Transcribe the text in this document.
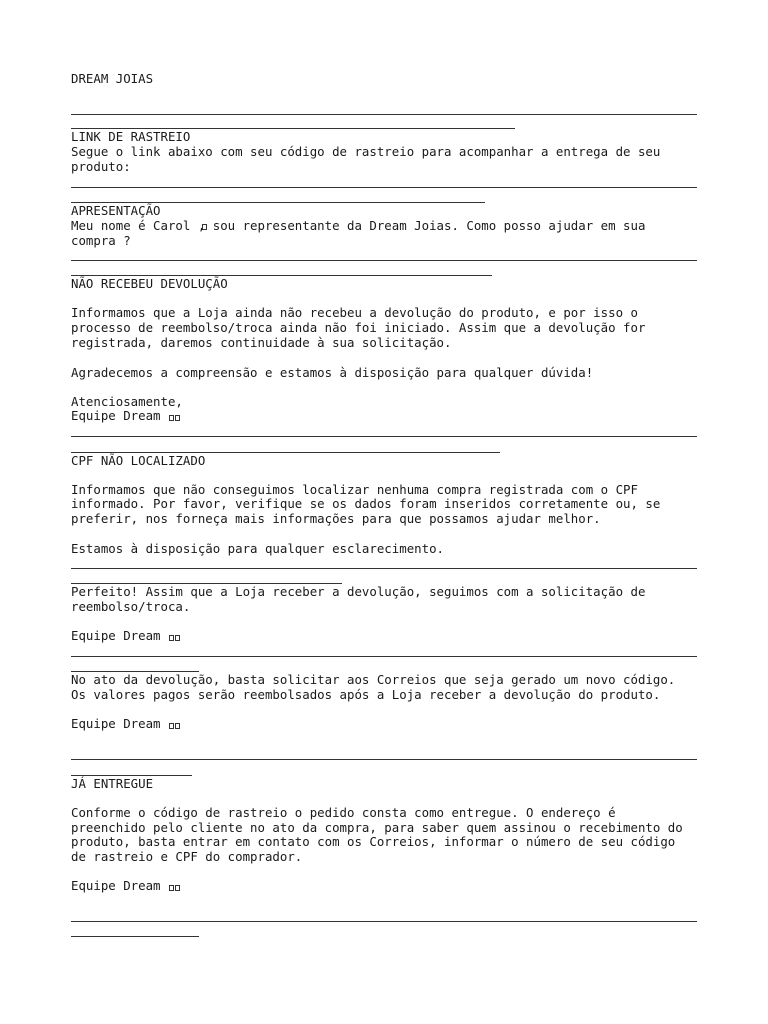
DREAM JOIAS
LINK DE RASTREIO
Segue o link abaixo com seu código de rastreio para acompanhar a entrega de seu
produto:
APRESENTAÇÃO
Meu nome é Carol , sou representante da Dream Joias. Como posso ajudar em sua
compra ?
NÃO RECEBEU DEVOLUÇÃO
Informamos que a Loja ainda não recebeu a devolução do produto, e por isso o
processo de reembolso/troca ainda não foi iniciado. Assim que a devolução for
registrada, daremos continuidade à sua solicitação.
Agradecemos a compreensão e estamos à disposição para qualquer dúvida!
Atenciosamente,
Equipe Dream
CPF NÃO LOCALIZADO
Informamos que não conseguimos localizar nenhuma compra registrada com o CPF
informado. Por favor, verifique se os dados foram inseridos corretamente ou, se
preferir, nos forneça mais informações para que possamos ajudar melhor.
Estamos à disposição para qualquer esclarecimento.
Perfeito! Assim que a Loja receber a devolução, seguimos com a solicitação de
reembolso/troca.
Equipe Dream
No ato da devolução, basta solicitar aos Correios que seja gerado um novo código.
Os valores pagos serão reembolsados após a Loja receber a devolução do produto.
Equipe Dream
JÁ ENTREGUE
Conforme o código de rastreio o pedido consta como entregue. O endereço é
preenchido pelo cliente no ato da compra, para saber quem assinou o recebimento do
produto, basta entrar em contato com os Correios, informar o número de seu código
de rastreio e CPF do comprador.
Equipe Dream
